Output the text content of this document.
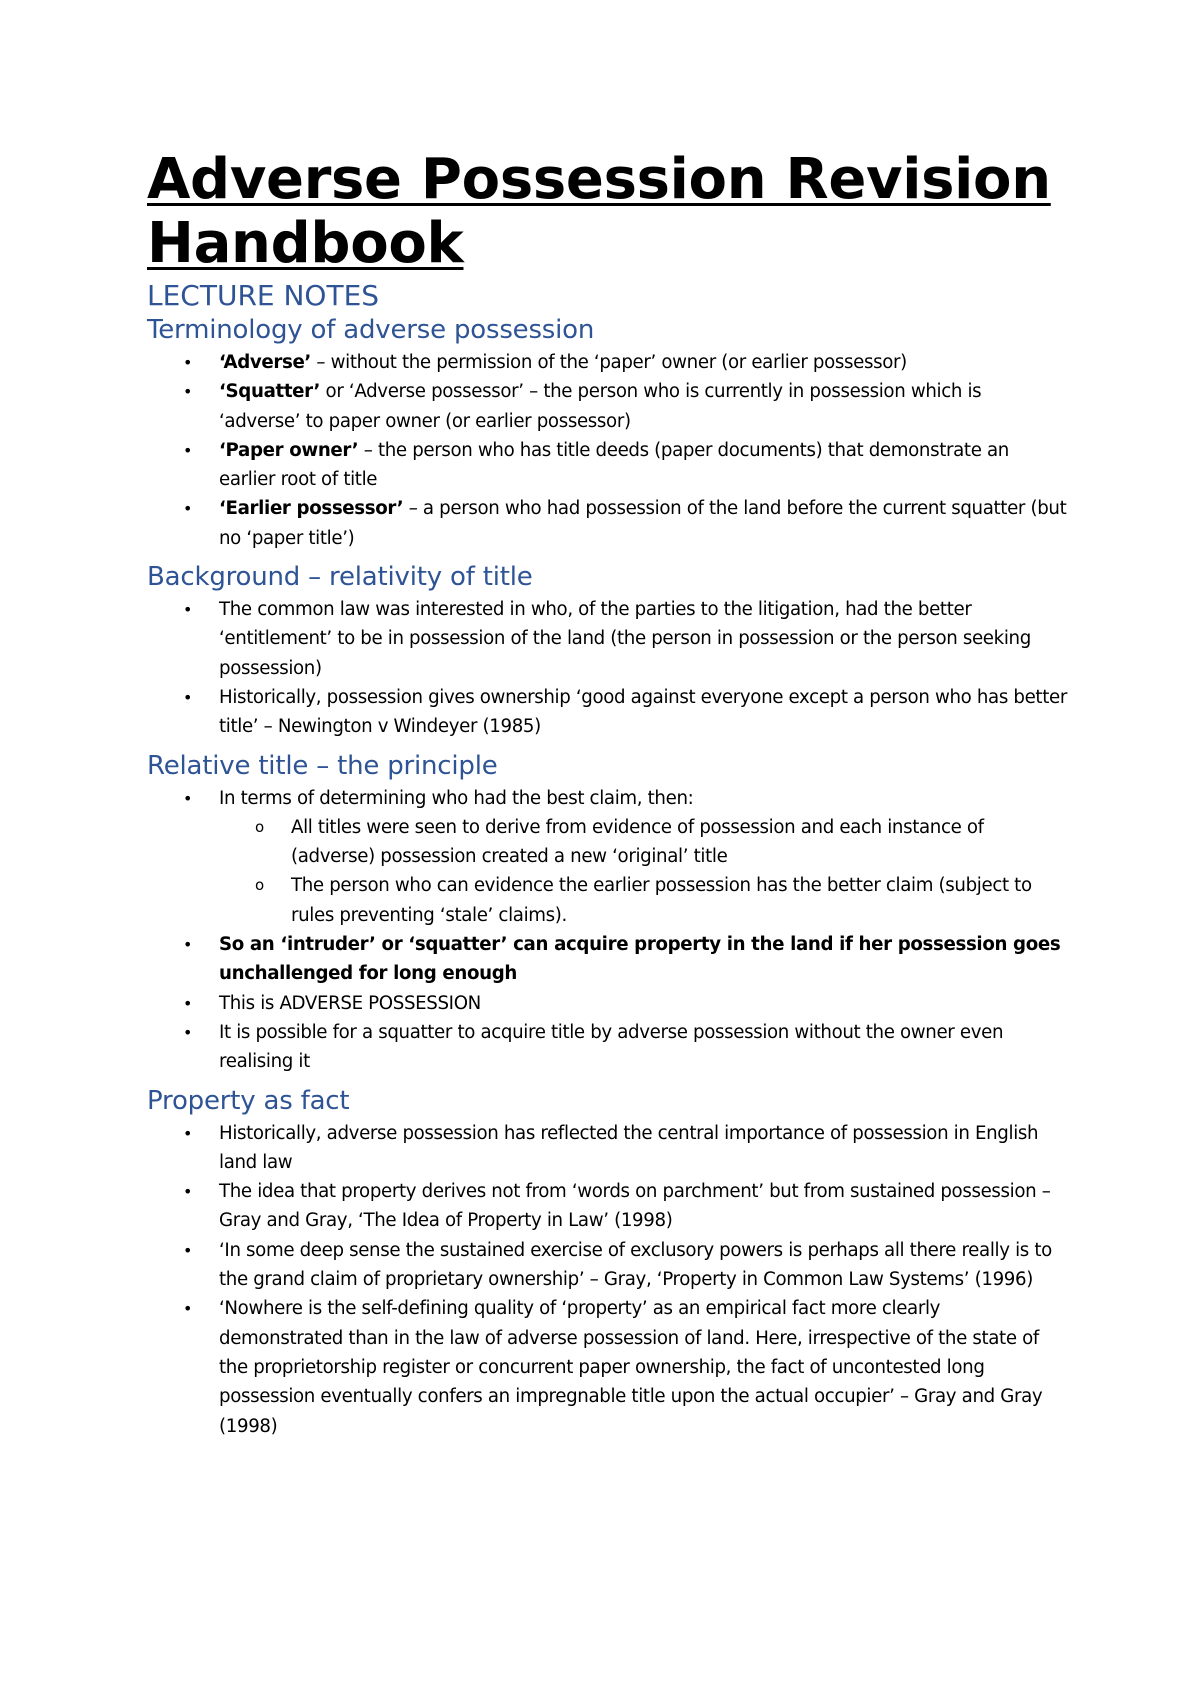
Adverse Possession Revision Handbook
LECTURE NOTES
Terminology of adverse possession
• ‘Adverse’ – without the permission of the ‘paper’ owner (or earlier possessor)
• ‘Squatter’ or ‘Adverse possessor’ – the person who is currently in possession which is ‘adverse’ to paper owner (or earlier possessor)
• ‘Paper owner’ – the person who has title deeds (paper documents) that demonstrate an earlier root of title
• ‘Earlier possessor’ – a person who had possession of the land before the current squatter (but no ‘paper title’)
Background – relativity of title
• The common law was interested in who, of the parties to the litigation, had the better ‘entitlement’ to be in possession of the land (the person in possession or the person seeking possession)
• Historically, possession gives ownership ‘good against everyone except a person who has better title’ – Newington v Windeyer (1985)
Relative title – the principle
• In terms of determining who had the best claim, then:
o All titles were seen to derive from evidence of possession and each instance of (adverse) possession created a new ‘original’ title
o The person who can evidence the earlier possession has the better claim (subject to rules preventing ‘stale’ claims).
• So an ‘intruder’ or ‘squatter’ can acquire property in the land if her possession goes unchallenged for long enough
• This is ADVERSE POSSESSION
• It is possible for a squatter to acquire title by adverse possession without the owner even realising it
Property as fact
• Historically, adverse possession has reflected the central importance of possession in English land law
• The idea that property derives not from ‘words on parchment’ but from sustained possession – Gray and Gray, ‘The Idea of Property in Law’ (1998)
• ‘In some deep sense the sustained exercise of exclusory powers is perhaps all there really is to the grand claim of proprietary ownership’ – Gray, ‘Property in Common Law Systems’ (1996)
• ‘Nowhere is the self-defining quality of ‘property’ as an empirical fact more clearly demonstrated than in the law of adverse possession of land. Here, irrespective of the state of the proprietorship register or concurrent paper ownership, the fact of uncontested long possession eventually confers an impregnable title upon the actual occupier’ – Gray and Gray (1998)
